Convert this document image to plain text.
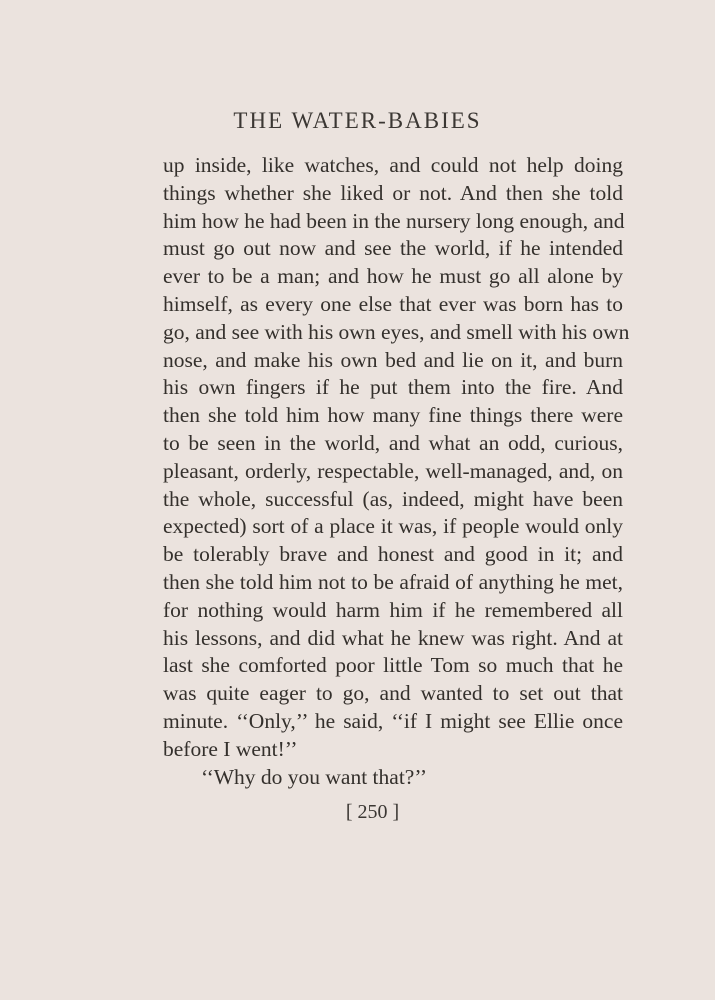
THE WATER-BABIES
up inside, like watches, and could not help doing
things whether she liked or not. And then she told
him how he had been in the nursery long enough, and
must go out now and see the world, if he intended
ever to be a man; and how he must go all alone by
himself, as every one else that ever was born has to
go, and see with his own eyes, and smell with his own
nose, and make his own bed and lie on it, and burn
his own fingers if he put them into the fire. And
then she told him how many fine things there were
to be seen in the world, and what an odd, curious,
pleasant, orderly, respectable, well-managed, and, on
the whole, successful (as, indeed, might have been
expected) sort of a place it was, if people would only
be tolerably brave and honest and good in it; and
then she told him not to be afraid of anything he met,
for nothing would harm him if he remembered all
his lessons, and did what he knew was right. And at
last she comforted poor little Tom so much that he
was quite eager to go, and wanted to set out that
minute. ‘‘Only,’’ he said, ‘‘if I might see Ellie once
before I went!’’
‘‘Why do you want that?’’
[ 250 ]
